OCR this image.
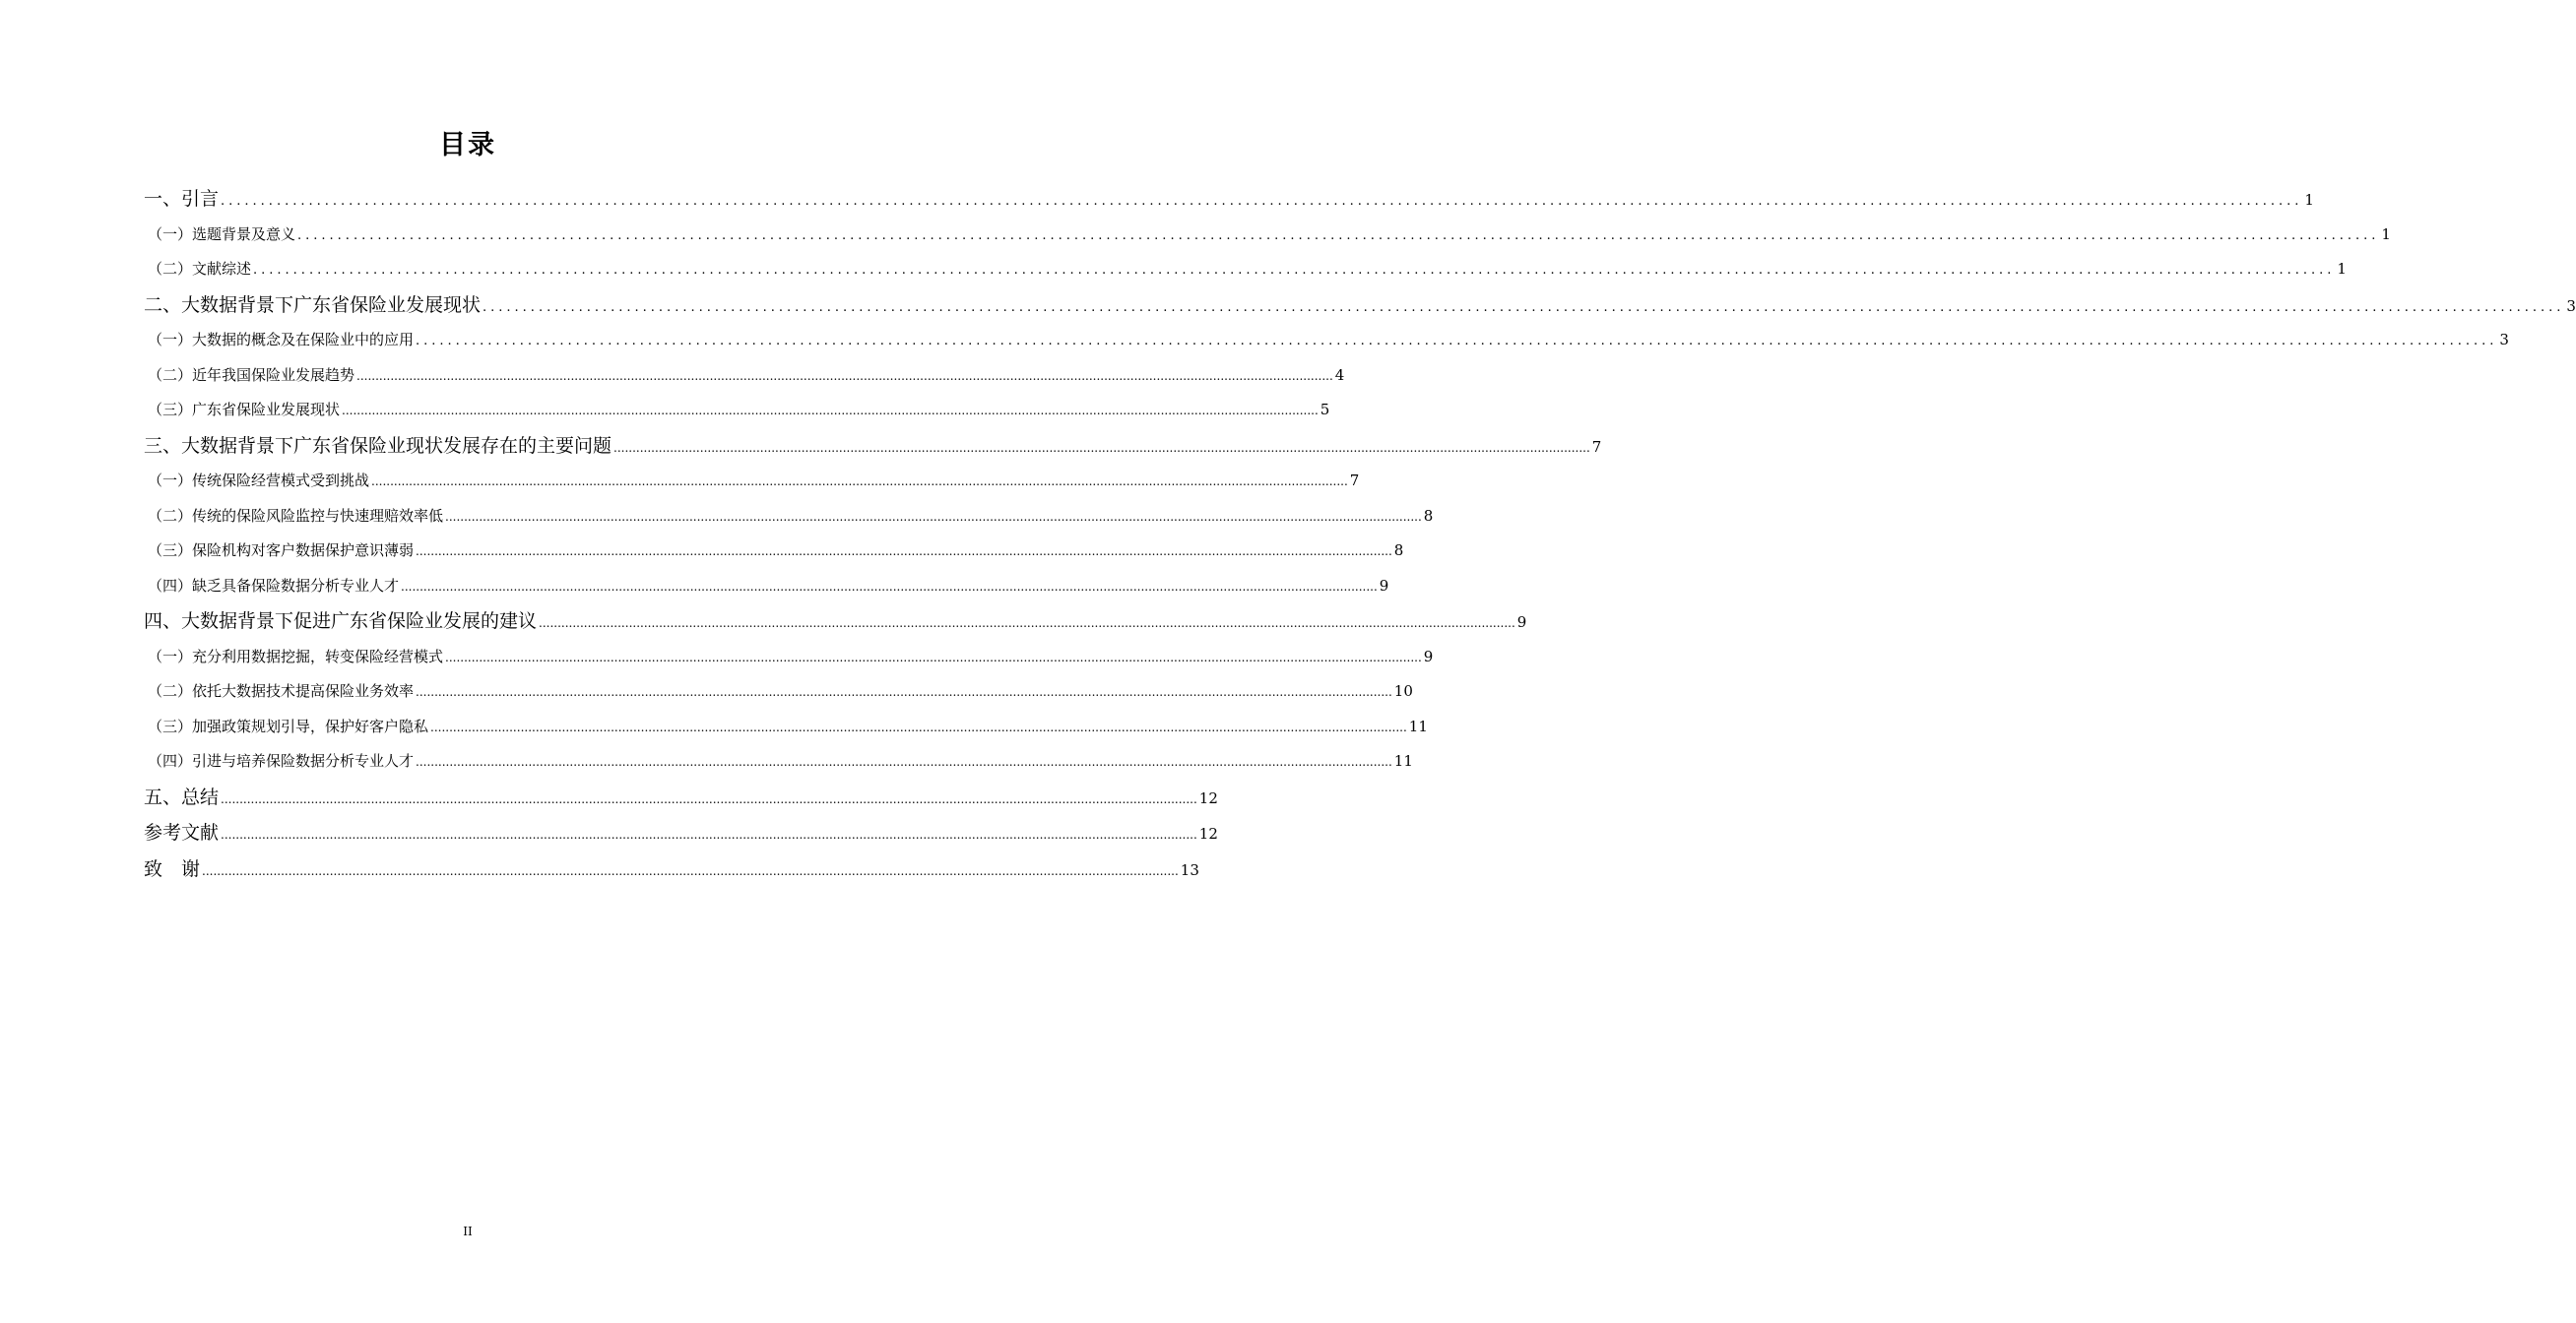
目录
一、引言 .................................................................................................................................................................................................................................................................... 1
（一）选题背景及意义 .................................................................................................................................................................................................................................................................... 1
（二）文献综述 .................................................................................................................................................................................................................................................................... 1
二、大数据背景下广东省保险业发展现状 .................................................................................................................................................................................................................................................................... 3
（一）大数据的概念及在保险业中的应用 .................................................................................................................................................................................................................................................................... 3
（二）近年我国保险业发展趋势 .................................................................................................................................................................................................................................................................... 4
（三）广东省保险业发展现状 .................................................................................................................................................................................................................................................................... 5
三、大数据背景下广东省保险业现状发展存在的主要问题 .................................................................................................................................................................................................................................................................... 7
（一）传统保险经营模式受到挑战 .................................................................................................................................................................................................................................................................... 7
（二）传统的保险风险监控与快速理赔效率低 .................................................................................................................................................................................................................................................................... 8
（三）保险机构对客户数据保护意识薄弱 .................................................................................................................................................................................................................................................................... 8
（四）缺乏具备保险数据分析专业人才 .................................................................................................................................................................................................................................................................... 9
四、大数据背景下促进广东省保险业发展的建议 .................................................................................................................................................................................................................................................................... 9
（一）充分利用数据挖掘，转变保险经营模式 .................................................................................................................................................................................................................................................................... 9
（二）依托大数据技术提高保险业务效率 .................................................................................................................................................................................................................................................................... 10
（三）加强政策规划引导，保护好客户隐私 .................................................................................................................................................................................................................................................................... 11
（四）引进与培养保险数据分析专业人才 .................................................................................................................................................................................................................................................................... 11
五、总结 .................................................................................................................................................................................................................................................................... 12
参考文献 .................................................................................................................................................................................................................................................................... 12
致　谢 .................................................................................................................................................................................................................................................................... 13
II
